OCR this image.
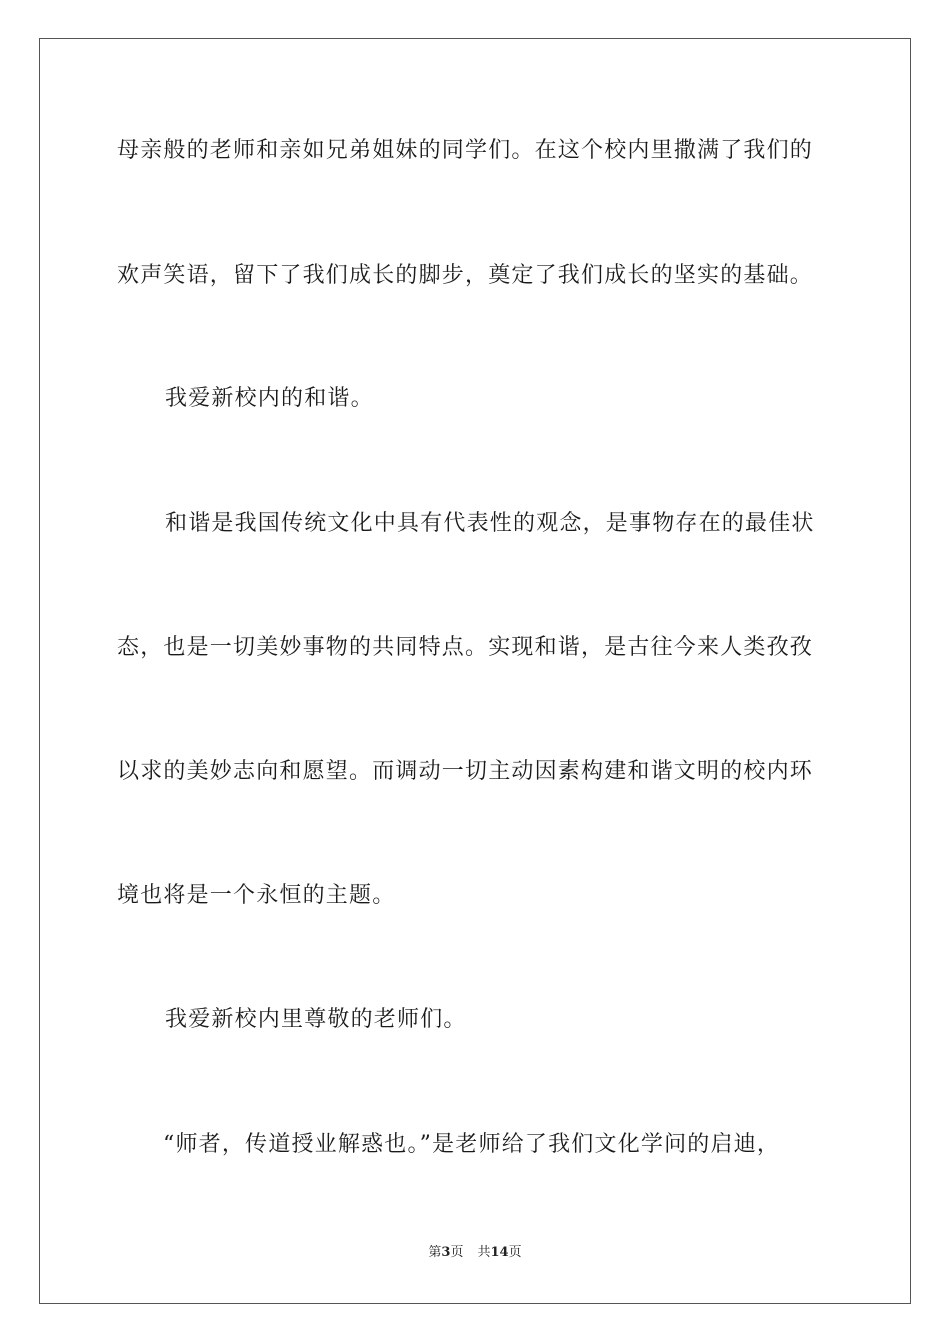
母亲般的老师和亲如兄弟姐妹的同学们。在这个校内里撒满了我们的
欢声笑语，留下了我们成长的脚步，奠定了我们成长的坚实的基础。
我爱新校内的和谐。
和谐是我国传统文化中具有代表性的观念，是事物存在的最佳状
态，也是一切美妙事物的共同特点。实现和谐，是古往今来人类孜孜
以求的美妙志向和愿望。而调动一切主动因素构建和谐文明的校内环
境也将是一个永恒的主题。
我爱新校内里尊敬的老师们。
“师者，传道授业解惑也。”是老师给了我们文化学问的启迪，
第3页 共14页
